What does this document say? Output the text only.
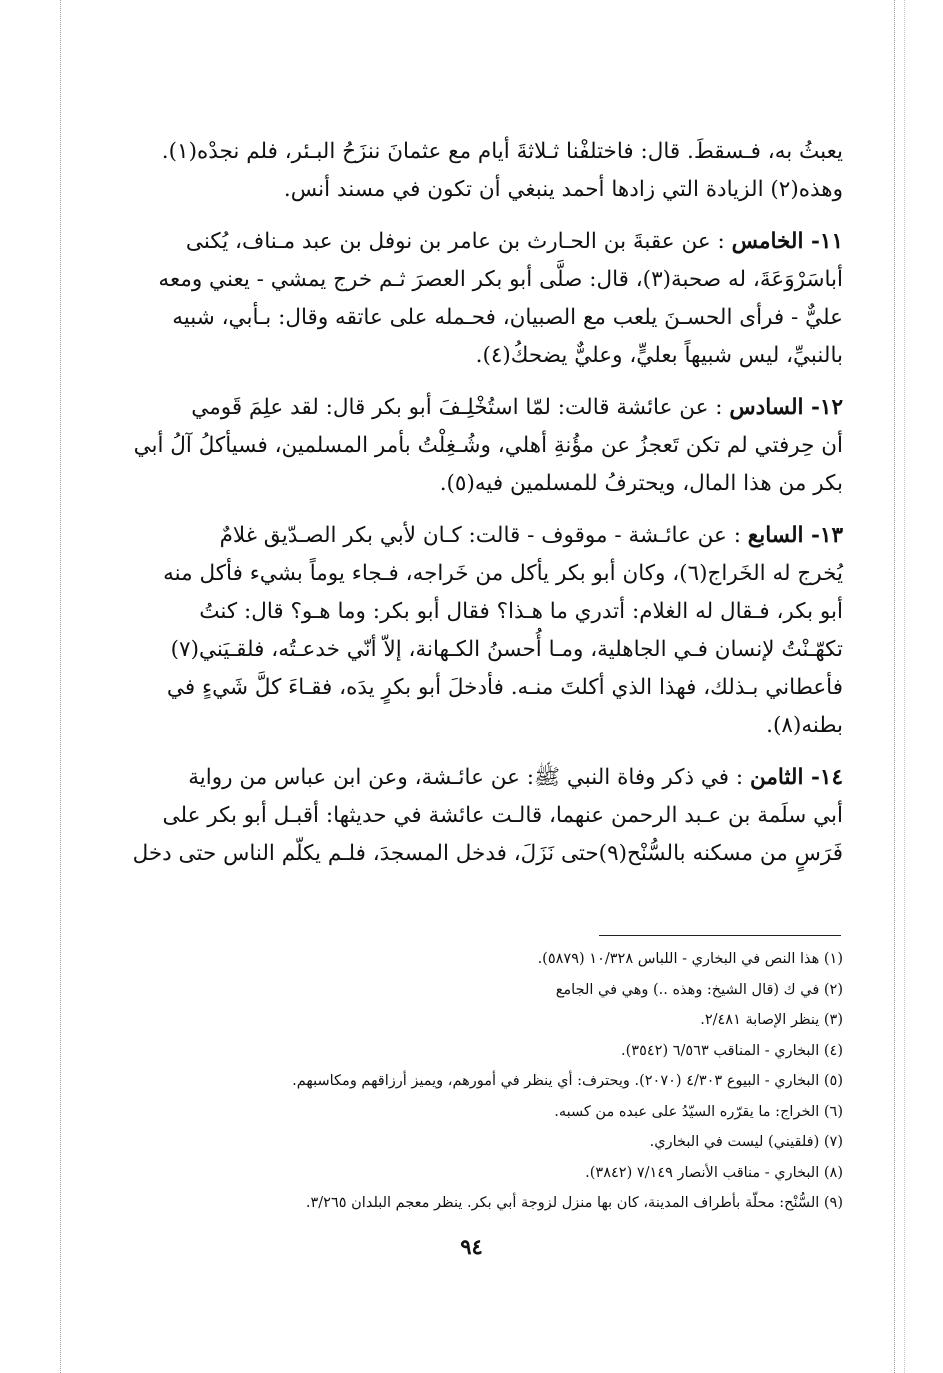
يعبثُ به، فـسقطَ. قال: فاختلفْنا ثـلاثةَ أيام مع عثمانَ ننزَحُ البـئر، فلم نجدْه(١).

وهذه(٢) الزيادة التي زادها أحمد ينبغي أن تكون في مسند أنس.

١١- الخامس : عن عقبةَ بن الحـارث بن عامر بن نوفل بن عبد مـناف، يُكنى

أباسَرْوَعَةَ، له صحبة(٣)، قال: صلَّى أبو بكر العصرَ ثـم خرج يمشي - يعني ومعه

عليٌّ - فرأى الحسـنَ يلعب مع الصبيان، فحـمله على عاتقه وقال: بـأبي، شبيه

بالنبيِّ، ليس شبيهاً بعليٍّ، وعليٌّ يضحكُ(٤).

١٢- السادس : عن عائشة قالت: لمّا استُخْلِـفَ أبو بكر قال: لقد علِمَ قَومي

أن حِرفتي لم تكن تَعجزُ عن مؤُنةِ أهلي، وشُـغِلْتُ بأمر المسلمين، فسيأكلُ آلُ أبي

بكر من هذا المال، ويحترفُ للمسلمين فيه(٥).

١٣- السابع : عن عائـشة - موقوف - قالت: كـان لأبي بكر الصـدّيق غلامٌ

يُخرج له الخَراج(٦)، وكان أبو بكر يأكل من خَراجه، فـجاء يوماً بشيء فأكل منه

أبو بكر، فـقال له الغلام: أتدري ما هـذا؟ فقال أبو بكر: وما هـو؟ قال: كنتُ

تكهّـنْتُ لإنسان فـي الجاهلية، ومـا أُحسنُ الكـهانة، إلاّ أنّي خدعـتُه، فلقـيَني(٧)

فأعطاني بـذلك، فهذا الذي أكلتَ منـه. فأدخلَ أبو بكرٍ يدَه، فقـاءَ كلَّ شَيءٍ في

بطنه(٨).

١٤- الثامن : في ذكر وفاة النبي ﷺ: عن عائـشة، وعن ابن عباس من رواية

أبي سلَمة بن عـبد الرحمن عنهما، قالـت عائشة في حديثها: أقبـل أبو بكر على

فَرَسٍ من مسكنه بالسُّنْح(٩)حتى نَزَلَ، فدخل المسجدَ، فلـم يكلّم الناس حتى دخل

(١) هذا النص في البخاري - اللباس ١٠/٣٢٨ (٥٨٧٩).

(٢) في ك (قال الشيخ: وهذه ..) وهي في الجامع

(٣) ينظر الإصابة ٢/٤٨١.

(٤) البخاري - المناقب ٦/٥٦٣ (٣٥٤٢).

(٥) البخاري - البيوع ٤/٣٠٣ (٢٠٧٠). ويحترف: أي ينظر في أمورهم، ويميز أرزاقهم ومكاسبهم.

(٦) الخراج: ما يقرّره السيّدُ على عبده من كسبه.

(٧) (فلقيني) ليست في البخاري.

(٨) البخاري - مناقب الأنصار ٧/١٤٩ (٣٨٤٢).

(٩) السُّنْح: محلّة بأطراف المدينة، كان بها منزل لزوجة أبي بكر. ينظر معجم البلدان ٣/٢٦٥.

٩٤
